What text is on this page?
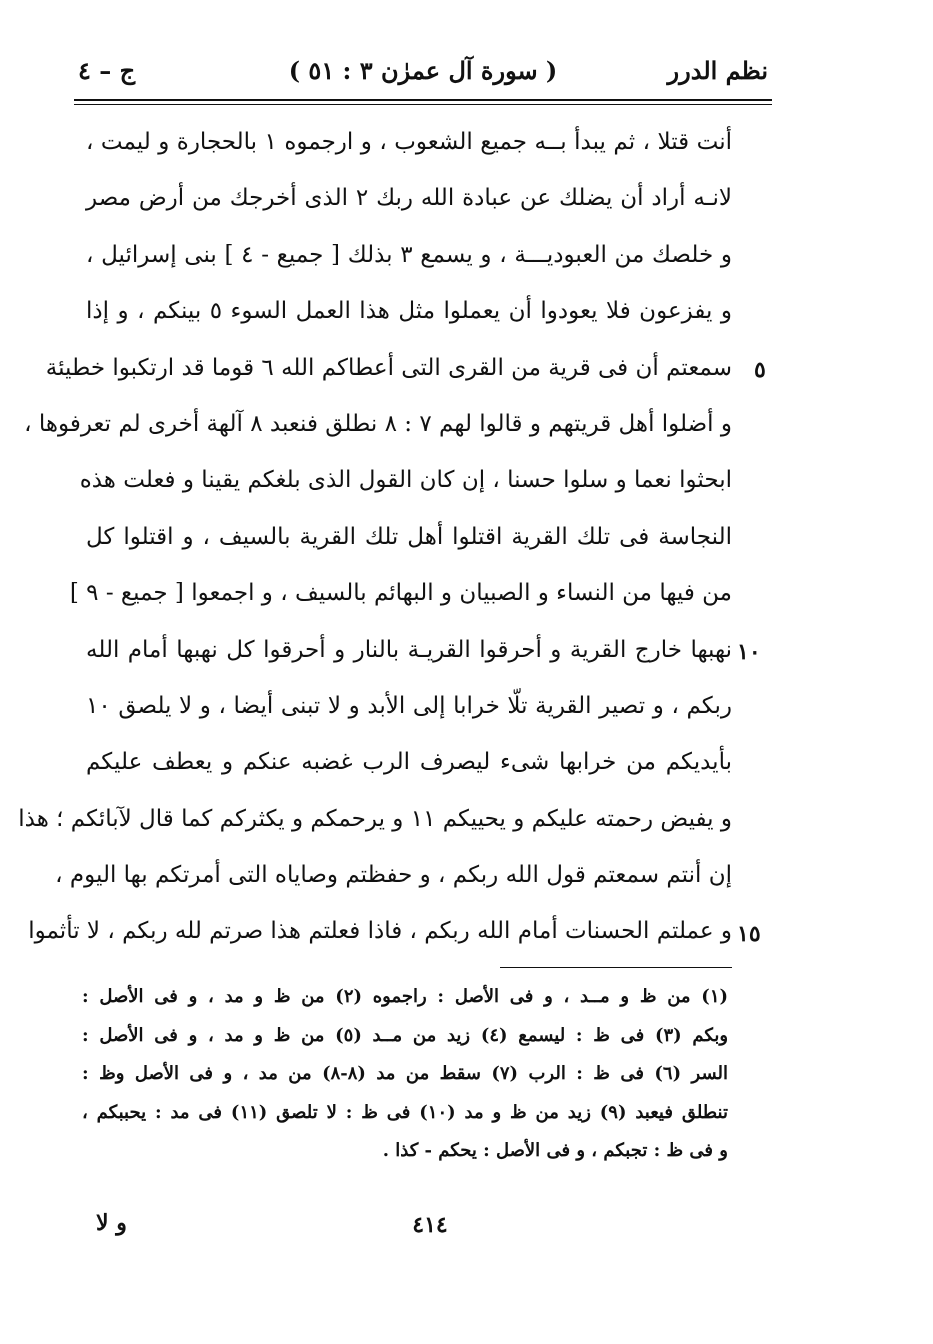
نظم الدرر
( سورة آل عمرٰن ٣ : ٥١ )
ج – ٤
أنت قتلا ، ثم يبدأ بــه جميع الشعوب ، و ارجموه ١ بالحجارة و ليمت ،
لانـه أراد أن يضلك عن عبادة الله ربك ٢ الذى أخرجك من أرض مصر
و خلصك من العبوديـــة ، و يسمع ٣ بذلك [ جميع - ٤ ] بنى إسرائيل ،
و يفزعون فلا يعودوا أن يعملوا مثل هذا العمل السوء ٥ بينكم ، و إذا
سمعتم أن فى قرية من القرى التى أعطاكم الله ٦ قوما قد ارتكبوا خطيئة
و أضلوا أهل قريتهم و قالوا لهم ٧ : ٨ نطلق فنعبد ٨ آلهة أخرى لم تعرفوها ،
ابحثوا نعما و سلوا حسنا ، إن كان القول الذى بلغكم يقينا و فعلت هذه
النجاسة فى تلك القرية اقتلوا أهل تلك القرية بالسيف ، و اقتلوا كل
من فيها من النساء و الصبيان و البهائم بالسيف ، و اجمعوا [ جميع - ٩ ]
نهبها خارج القرية و أحرقوا القريـة بالنار و أحرقوا كل نهبها أمام الله
ربكم ، و تصير القرية تلّا خرابا إلى الأبد و لا تبنى أيضا ، و لا يلصق ١٠
بأيديكم من خرابها شىء ليصرف الرب غضبه عنكم و يعطف عليكم
و يفيض رحمته عليكم و يحييكم ١١ و يرحمكم و يكثركم كما قال لآبائكم ؛ هذا
إن أنتم سمعتم قول الله ربكم ، و حفظتم وصاياه التى أمرتكم بها اليوم ،
و عملتم الحسنات أمام الله ربكم ، فاذا فعلتم هذا صرتم لله ربكم ، لا تأثموا
٥
١٠
١٥
(١) من ظ و مــد ، و فى الأصل : راجموه (٢) من ظ و مد ، و فى الأصل :
وبكم (٣) فى ظ : ليسمع (٤) زيد من مــد (٥) من ظ و مد ، و فى الأصل :
السر (٦) فى ظ : الرب (٧) سقط من مد (٨-٨) من مد ، و فى الأصل وظ :
تنطلق فيعبد (٩) زيد من ظ و مد (١٠) فى ظ : لا تلصق (١١) فى مد : يحببكم ،
و فى ظ : تجبكم ، و فى الأصل : يحكم - كذا .
٤١٤
و لا
